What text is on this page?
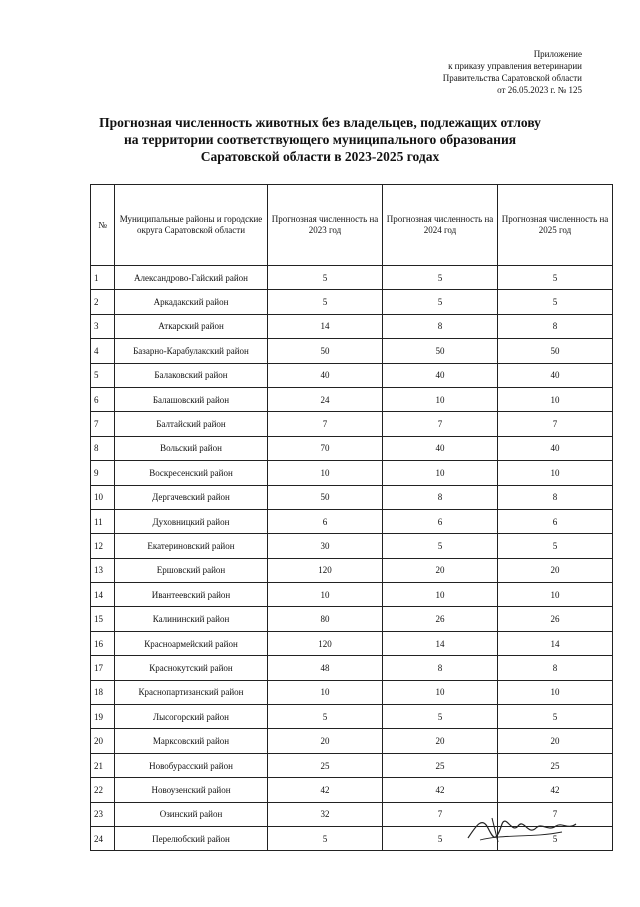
Приложение
к приказу управления ветеринарии
Правительства Саратовской области
от 26.05.2023 г. № 125
Прогнозная численность животных без владельцев, подлежащих отлову
на территории соответствующего муниципального образования
Саратовской области в 2023-2025 годах
№	Муниципальные районы и городские округа Саратовской области	Прогнозная численность на 2023 год	Прогнозная численность на 2024 год	Прогнозная численность на 2025 год
1	Александрово-Гайский район	5	5	5
2	Аркадакский район	5	5	5
3	Аткарский район	14	8	8
4	Базарно-Карабулакский район	50	50	50
5	Балаковский район	40	40	40
6	Балашовский район	24	10	10
7	Балтайский район	7	7	7
8	Вольский район	70	40	40
9	Воскресенский район	10	10	10
10	Дергачевский район	50	8	8
11	Духовницкий район	6	6	6
12	Екатериновский район	30	5	5
13	Ершовский район	120	20	20
14	Ивантеевский район	10	10	10
15	Калининский район	80	26	26
16	Красноармейский район	120	14	14
17	Краснокутский район	48	8	8
18	Краснопартизанский район	10	10	10
19	Лысогорский район	5	5	5
20	Марксовский район	20	20	20
21	Новобурасский район	25	25	25
22	Новоузенский район	42	42	42
23	Озинский район	32	7	7
24	Перелюбский район	5	5	5
